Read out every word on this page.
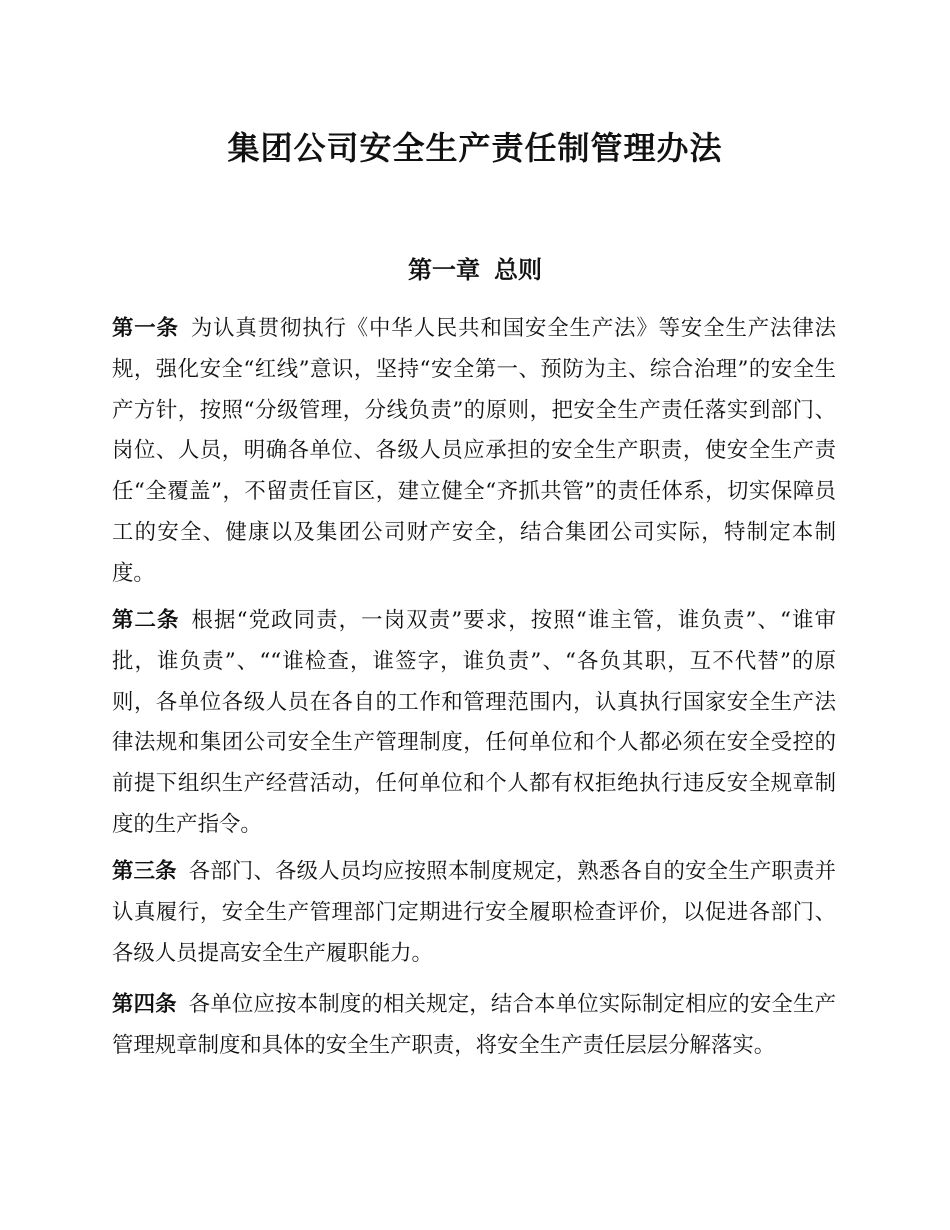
集团公司安全生产责任制管理办法
第一章 总则

第一条 为认真贯彻执行《中华人民共和国安全生产法》等安全生产法律法规，强化安全“红线”意识，坚持“安全第一、预防为主、综合治理”的安全生产方针，按照“分级管理，分线负责”的原则，把安全生产责任落实到部门、岗位、人员，明确各单位、各级人员应承担的安全生产职责，使安全生产责任“全覆盖”，不留责任盲区，建立健全“齐抓共管”的责任体系，切实保障员工的安全、健康以及集团公司财产安全，结合集团公司实际，特制定本制度。

第二条 根据“党政同责，一岗双责”要求，按照“谁主管，谁负责”、“谁审批，谁负责”、““谁检查，谁签字，谁负责”、“各负其职，互不代替”的原则，各单位各级人员在各自的工作和管理范围内，认真执行国家安全生产法律法规和集团公司安全生产管理制度，任何单位和个人都必须在安全受控的前提下组织生产经营活动，任何单位和个人都有权拒绝执行违反安全规章制度的生产指令。

第三条 各部门、各级人员均应按照本制度规定，熟悉各自的安全生产职责并认真履行，安全生产管理部门定期进行安全履职检查评价，以促进各部门、各级人员提高安全生产履职能力。

第四条 各单位应按本制度的相关规定，结合本单位实际制定相应的安全生产管理规章制度和具体的安全生产职责，将安全生产责任层层分解落实。
